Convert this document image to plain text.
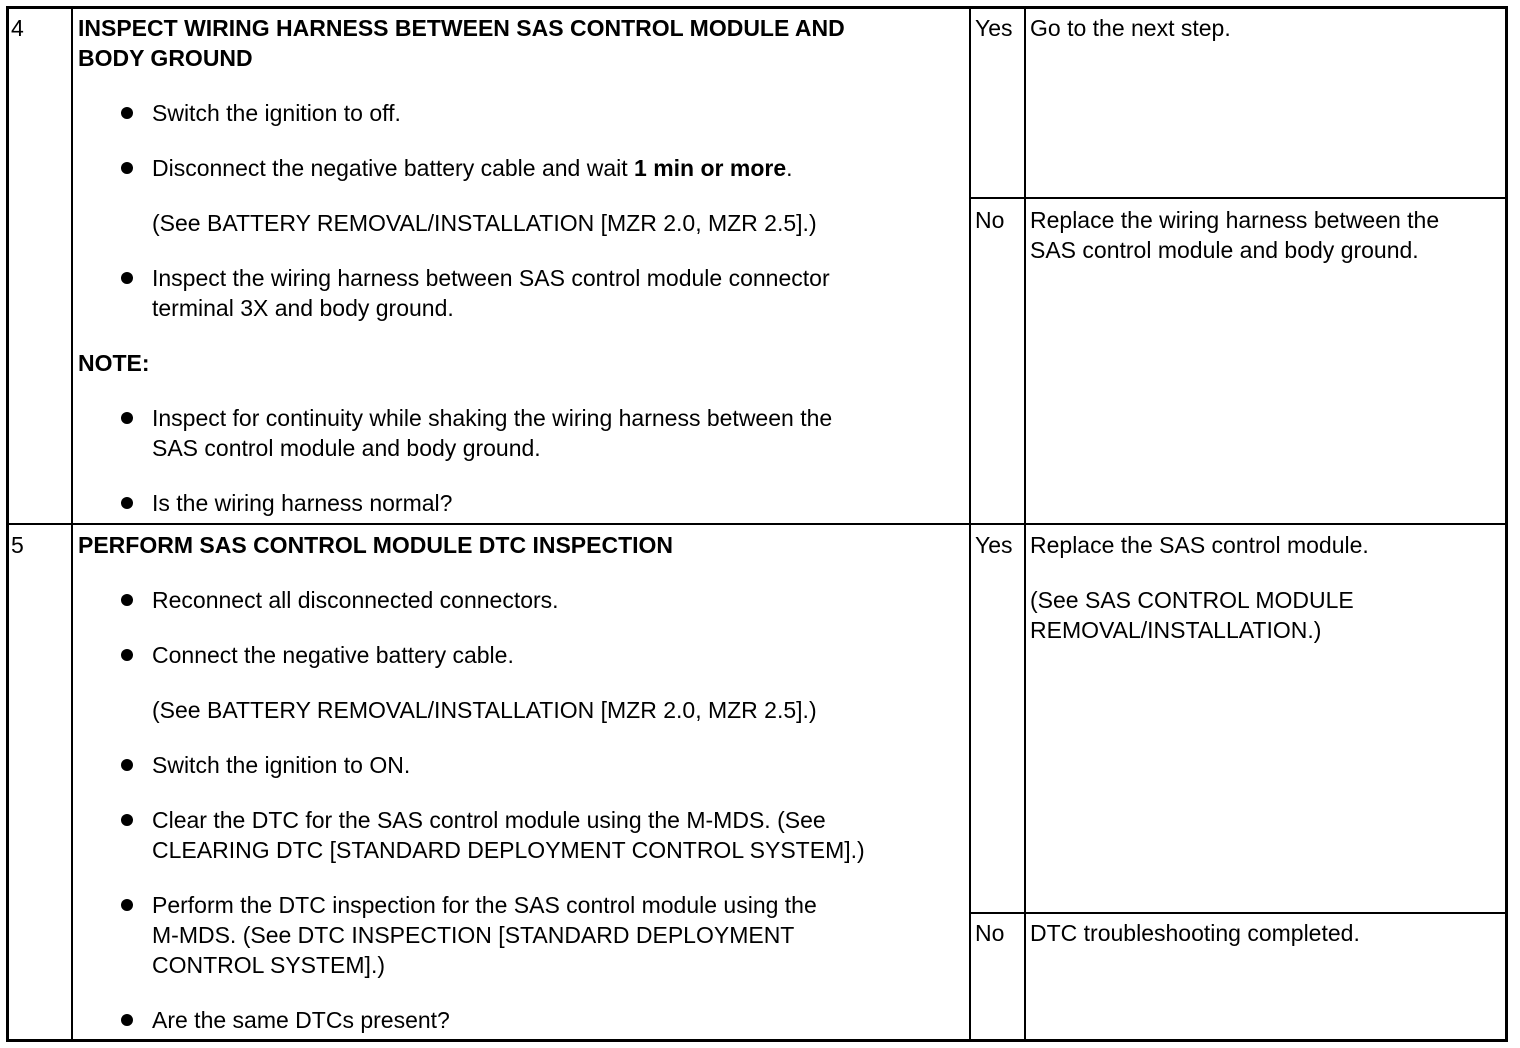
4 INSPECT WIRING HARNESS BETWEEN SAS CONTROL MODULE AND
BODY GROUND
Switch the ignition to off.
Disconnect the negative battery cable and wait 1 min or more.
(See BATTERY REMOVAL/INSTALLATION [MZR 2.0, MZR 2.5].)
Inspect the wiring harness between SAS control module connector
terminal 3X and body ground.
NOTE:
Inspect for continuity while shaking the wiring harness between the
SAS control module and body ground.
Is the wiring harness normal?
Yes Go to the next step.
No Replace the wiring harness between the
SAS control module and body ground.
5 PERFORM SAS CONTROL MODULE DTC INSPECTION
Reconnect all disconnected connectors.
Connect the negative battery cable.
(See BATTERY REMOVAL/INSTALLATION [MZR 2.0, MZR 2.5].)
Switch the ignition to ON.
Clear the DTC for the SAS control module using the M-MDS. (See
CLEARING DTC [STANDARD DEPLOYMENT CONTROL SYSTEM].)
Perform the DTC inspection for the SAS control module using the
M-MDS. (See DTC INSPECTION [STANDARD DEPLOYMENT
CONTROL SYSTEM].)
Are the same DTCs present?
Yes Replace the SAS control module.
(See SAS CONTROL MODULE
REMOVAL/INSTALLATION.)
No DTC troubleshooting completed.
